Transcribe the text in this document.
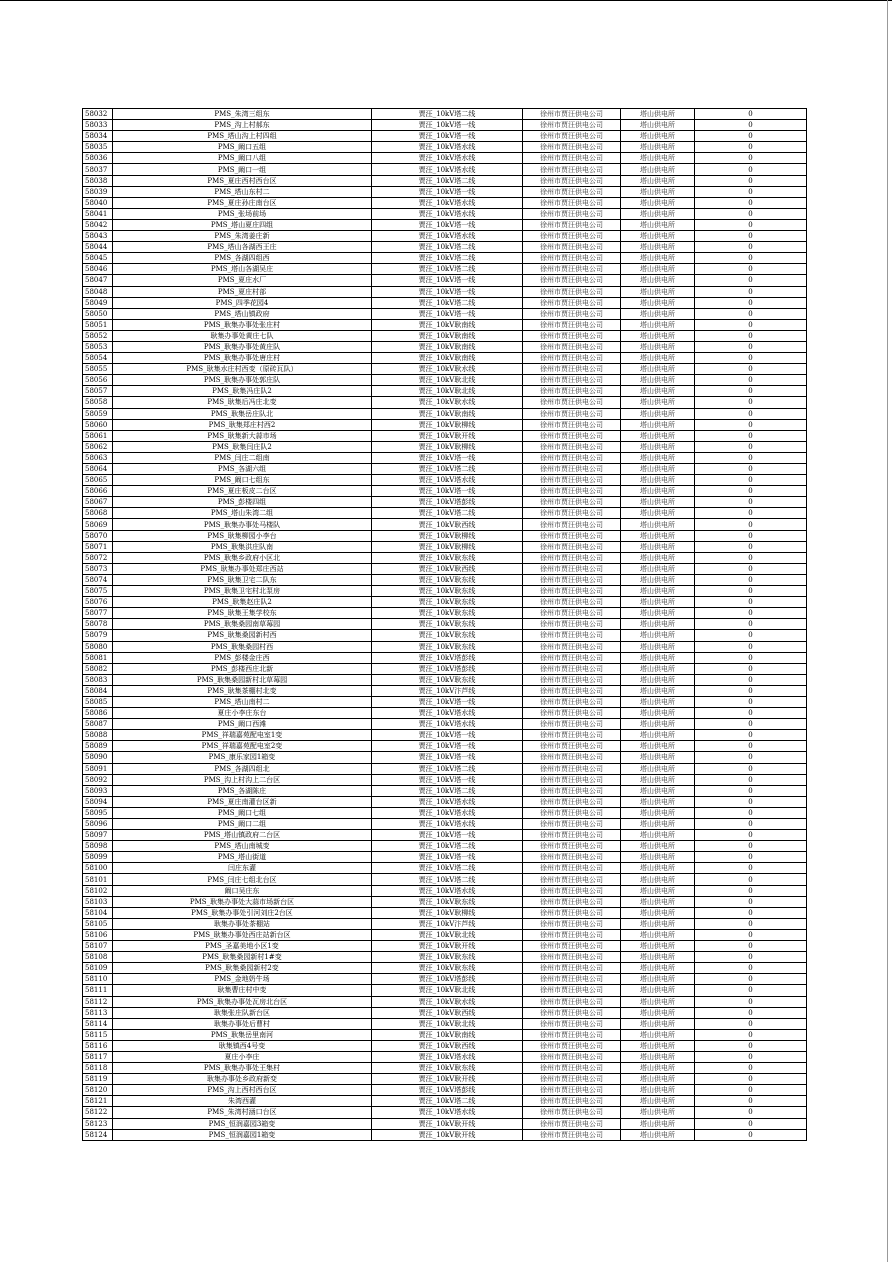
58032	PMS_朱湾三组东	贾汪_10kV塔二线	徐州市贾汪供电公司	塔山供电所	0
58033	PMS_沟上村郝东	贾汪_10kV塔一线	徐州市贾汪供电公司	塔山供电所	0
58034	PMS_塔山沟上村四组	贾汪_10kV塔一线	徐州市贾汪供电公司	塔山供电所	0
58035	PMS_阚口五组	贾汪_10kV塔水线	徐州市贾汪供电公司	塔山供电所	0
58036	PMS_阚口八组	贾汪_10kV塔水线	徐州市贾汪供电公司	塔山供电所	0
58037	PMS_阚口一组	贾汪_10kV塔水线	徐州市贾汪供电公司	塔山供电所	0
58038	PMS_夏庄西村西台区	贾汪_10kV塔二线	徐州市贾汪供电公司	塔山供电所	0
58039	PMS_塔山东村二	贾汪_10kV塔一线	徐州市贾汪供电公司	塔山供电所	0
58040	PMS_夏庄孙庄南台区	贾汪_10kV塔水线	徐州市贾汪供电公司	塔山供电所	0
58041	PMS_张场前场	贾汪_10kV塔水线	徐州市贾汪供电公司	塔山供电所	0
58042	PMS_塔山夏庄四组	贾汪_10kV塔一线	徐州市贾汪供电公司	塔山供电所	0
58043	PMS_朱湾姜庄新	贾汪_10kV塔水线	徐州市贾汪供电公司	塔山供电所	0
58044	PMS_塔山各湖西王庄	贾汪_10kV塔二线	徐州市贾汪供电公司	塔山供电所	0
58045	PMS_各湖四组西	贾汪_10kV塔二线	徐州市贾汪供电公司	塔山供电所	0
58046	PMS_塔山各湖吴庄	贾汪_10kV塔二线	徐州市贾汪供电公司	塔山供电所	0
58047	PMS_夏庄水厂	贾汪_10kV塔一线	徐州市贾汪供电公司	塔山供电所	0
58048	PMS_夏庄村部	贾汪_10kV塔一线	徐州市贾汪供电公司	塔山供电所	0
58049	PMS_四季花园4	贾汪_10kV塔二线	徐州市贾汪供电公司	塔山供电所	0
58050	PMS_塔山镇政府	贾汪_10kV塔一线	徐州市贾汪供电公司	塔山供电所	0
58051	PMS_耿集办事处张庄村	贾汪_10kV耿南线	徐州市贾汪供电公司	塔山供电所	0
58052	耿集办事处黄庄七队	贾汪_10kV耿南线	徐州市贾汪供电公司	塔山供电所	0
58053	PMS_耿集办事处黄庄队	贾汪_10kV耿南线	徐州市贾汪供电公司	塔山供电所	0
58054	PMS_耿集办事处唐庄村	贾汪_10kV耿南线	徐州市贾汪供电公司	塔山供电所	0
58055	PMS_耿集水庄村西变（原砖瓦队）	贾汪_10kV耿水线	徐州市贾汪供电公司	塔山供电所	0
58056	PMS_耿集办事处郭庄队	贾汪_10kV耿北线	徐州市贾汪供电公司	塔山供电所	0
58057	PMS_耿集冯庄队2	贾汪_10kV耿北线	徐州市贾汪供电公司	塔山供电所	0
58058	PMS_耿集后冯庄北变	贾汪_10kV耿水线	徐州市贾汪供电公司	塔山供电所	0
58059	PMS_耿集岳庄队北	贾汪_10kV耿南线	徐州市贾汪供电公司	塔山供电所	0
58060	PMS_耿集郑庄村西2	贾汪_10kV耿柳线	徐州市贾汪供电公司	塔山供电所	0
58061	PMS_耿集新大蒜市场	贾汪_10kV耿开线	徐州市贾汪供电公司	塔山供电所	0
58062	PMS_耿集闫庄队2	贾汪_10kV耿柳线	徐州市贾汪供电公司	塔山供电所	0
58063	PMS_闫庄二组南	贾汪_10kV塔一线	徐州市贾汪供电公司	塔山供电所	0
58064	PMS_各湖六组	贾汪_10kV塔二线	徐州市贾汪供电公司	塔山供电所	0
58065	PMS_阚口七组东	贾汪_10kV塔水线	徐州市贾汪供电公司	塔山供电所	0
58066	PMS_夏庄板皮二台区	贾汪_10kV塔一线	徐州市贾汪供电公司	塔山供电所	0
58067	PMS_彭楼四组	贾汪_10kV塔彭线	徐州市贾汪供电公司	塔山供电所	0
58068	PMS_塔山朱湾二组	贾汪_10kV塔二线	徐州市贾汪供电公司	塔山供电所	0
58069	PMS_耿集办事处马楼队	贾汪_10kV耿西线	徐州市贾汪供电公司	塔山供电所	0
58070	PMS_耿集柳园小李台	贾汪_10kV耿柳线	徐州市贾汪供电公司	塔山供电所	0
58071	PMS_耿集洪庄队南	贾汪_10kV耿柳线	徐州市贾汪供电公司	塔山供电所	0
58072	PMS_耿集乡政府小区北	贾汪_10kV耿东线	徐州市贾汪供电公司	塔山供电所	0
58073	PMS_耿集办事处郑庄西站	贾汪_10kV耿西线	徐州市贾汪供电公司	塔山供电所	0
58074	PMS_耿集卫宅二队东	贾汪_10kV耿东线	徐州市贾汪供电公司	塔山供电所	0
58075	PMS_耿集卫宅村北泵房	贾汪_10kV耿东线	徐州市贾汪供电公司	塔山供电所	0
58076	PMS_耿集赵庄队2	贾汪_10kV耿东线	徐州市贾汪供电公司	塔山供电所	0
58077	PMS_耿集王集学校东	贾汪_10kV耿东线	徐州市贾汪供电公司	塔山供电所	0
58078	PMS_耿集桑园南草莓园	贾汪_10kV耿东线	徐州市贾汪供电公司	塔山供电所	0
58079	PMS_耿集桑园新村西	贾汪_10kV耿东线	徐州市贾汪供电公司	塔山供电所	0
58080	PMS_耿集桑园村西	贾汪_10kV耿东线	徐州市贾汪供电公司	塔山供电所	0
58081	PMS_彭楼金庄西	贾汪_10kV塔彭线	徐州市贾汪供电公司	塔山供电所	0
58082	PMS_彭楼西庄北新	贾汪_10kV塔彭线	徐州市贾汪供电公司	塔山供电所	0
58083	PMS_耿集桑园新村北草莓园	贾汪_10kV耿东线	徐州市贾汪供电公司	塔山供电所	0
58084	PMS_耿集茶棚村北变	贾汪_10kV汴芦线	徐州市贾汪供电公司	塔山供电所	0
58085	PMS_塔山南村二	贾汪_10kV塔一线	徐州市贾汪供电公司	塔山供电所	0
58086	夏庄小李庄东台	贾汪_10kV塔水线	徐州市贾汪供电公司	塔山供电所	0
58087	PMS_阚口西滩	贾汪_10kV塔水线	徐州市贾汪供电公司	塔山供电所	0
58088	PMS_祥瑞嘉苑配电室1变	贾汪_10kV塔一线	徐州市贾汪供电公司	塔山供电所	0
58089	PMS_祥瑞嘉苑配电室2变	贾汪_10kV塔一线	徐州市贾汪供电公司	塔山供电所	0
58090	PMS_康乐家园1箱变	贾汪_10kV塔一线	徐州市贾汪供电公司	塔山供电所	0
58091	PMS_各湖四组北	贾汪_10kV塔二线	徐州市贾汪供电公司	塔山供电所	0
58092	PMS_沟上村沟上二台区	贾汪_10kV塔一线	徐州市贾汪供电公司	塔山供电所	0
58093	PMS_各湖陈庄	贾汪_10kV塔二线	徐州市贾汪供电公司	塔山供电所	0
58094	PMS_夏庄南灌台区新	贾汪_10kV塔水线	徐州市贾汪供电公司	塔山供电所	0
58095	PMS_阚口七组	贾汪_10kV塔水线	徐州市贾汪供电公司	塔山供电所	0
58096	PMS_阚口二组	贾汪_10kV塔水线	徐州市贾汪供电公司	塔山供电所	0
58097	PMS_塔山镇政府二台区	贾汪_10kV塔一线	徐州市贾汪供电公司	塔山供电所	0
58098	PMS_塔山南城变	贾汪_10kV塔二线	徐州市贾汪供电公司	塔山供电所	0
58099	PMS_塔山街道	贾汪_10kV塔一线	徐州市贾汪供电公司	塔山供电所	0
58100	闫庄东灌	贾汪_10kV塔二线	徐州市贾汪供电公司	塔山供电所	0
58101	PMS_闫庄七组北台区	贾汪_10kV塔二线	徐州市贾汪供电公司	塔山供电所	0
58102	阚口吴庄东	贾汪_10kV塔水线	徐州市贾汪供电公司	塔山供电所	0
58103	PMS_耿集办事处大蒜市场新台区	贾汪_10kV耿东线	徐州市贾汪供电公司	塔山供电所	0
58104	PMS_耿集办事处引河刘庄2台区	贾汪_10kV耿柳线	徐州市贾汪供电公司	塔山供电所	0
58105	耿集办事处茶棚站	贾汪_10kV汴芦线	徐州市贾汪供电公司	塔山供电所	0
58106	PMS_耿集办事处西庄站新台区	贾汪_10kV耿北线	徐州市贾汪供电公司	塔山供电所	0
58107	PMS_圣嘉美地小区1变	贾汪_10kV耿开线	徐州市贾汪供电公司	塔山供电所	0
58108	PMS_耿集桑园新村1#变	贾汪_10kV耿东线	徐州市贾汪供电公司	塔山供电所	0
58109	PMS_耿集桑园新村2变	贾汪_10kV耿东线	徐州市贾汪供电公司	塔山供电所	0
58110	PMS_金地奶牛场	贾汪_10kV塔彭线	徐州市贾汪供电公司	塔山供电所	0
58111	耿集曹庄村中变	贾汪_10kV耿北线	徐州市贾汪供电公司	塔山供电所	0
58112	PMS_耿集办事处瓦房北台区	贾汪_10kV耿水线	徐州市贾汪供电公司	塔山供电所	0
58113	耿集张庄队新台区	贾汪_10kV耿西线	徐州市贾汪供电公司	塔山供电所	0
58114	耿集办事处后曹村	贾汪_10kV耿北线	徐州市贾汪供电公司	塔山供电所	0
58115	PMS_耿集岳里南河	贾汪_10kV耿南线	徐州市贾汪供电公司	塔山供电所	0
58116	耿集镇西4号变	贾汪_10kV耿西线	徐州市贾汪供电公司	塔山供电所	0
58117	夏庄小李庄	贾汪_10kV塔水线	徐州市贾汪供电公司	塔山供电所	0
58118	PMS_耿集办事处王集村	贾汪_10kV耿东线	徐州市贾汪供电公司	塔山供电所	0
58119	耿集办事处乡政府新变	贾汪_10kV耿开线	徐州市贾汪供电公司	塔山供电所	0
58120	PMS_沟上西村西台区	贾汪_10kV塔彭线	徐州市贾汪供电公司	塔山供电所	0
58121	朱湾西灌	贾汪_10kV塔二线	徐州市贾汪供电公司	塔山供电所	0
58122	PMS_朱湾村涵口台区	贾汪_10kV塔水线	徐州市贾汪供电公司	塔山供电所	0
58123	PMS_恒润嘉园3箱变	贾汪_10kV耿开线	徐州市贾汪供电公司	塔山供电所	0
58124	PMS_恒润嘉园1箱变	贾汪_10kV耿开线	徐州市贾汪供电公司	塔山供电所	0
